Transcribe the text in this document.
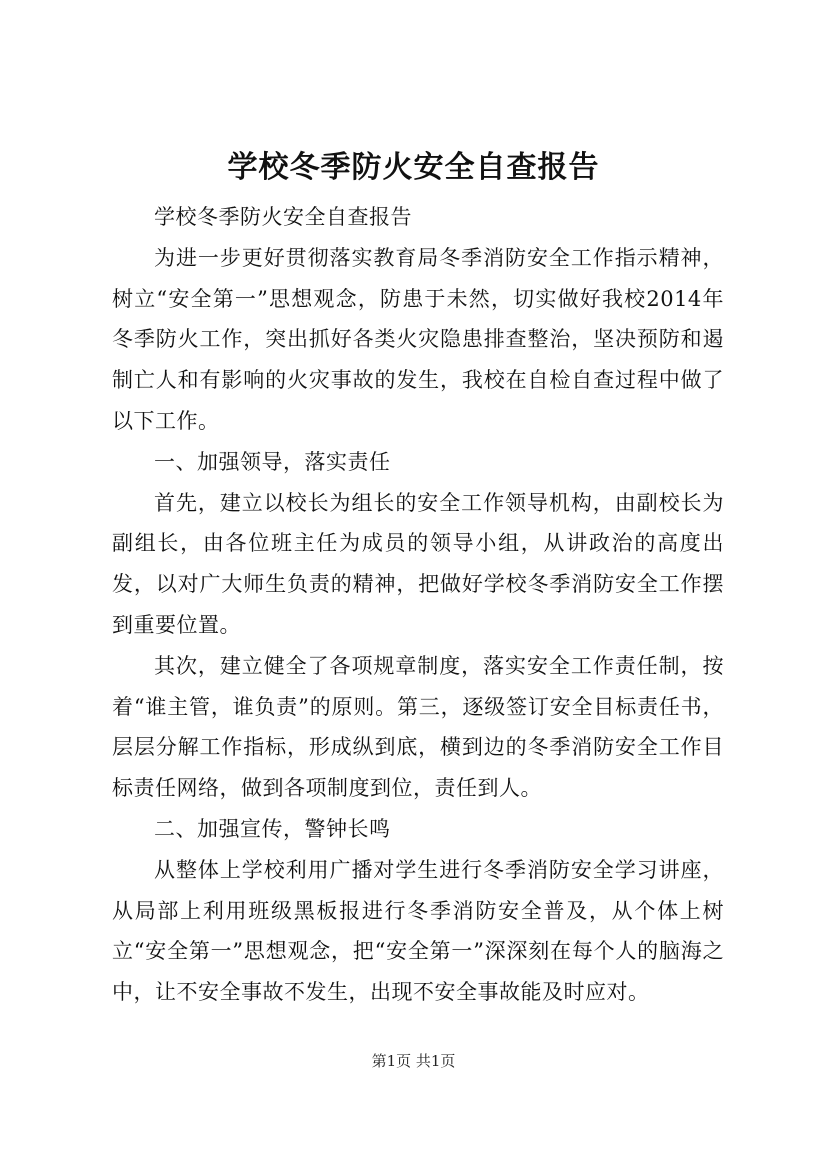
学校冬季防火安全自查报告

学校冬季防火安全自查报告

为进一步更好贯彻落实教育局冬季消防安全工作指示精神，树立“安全第一”思想观念，防患于未然，切实做好我校2014年冬季防火工作，突出抓好各类火灾隐患排查整治，坚决预防和遏制亡人和有影响的火灾事故的发生，我校在自检自查过程中做了以下工作。

一、加强领导，落实责任

首先，建立以校长为组长的安全工作领导机构，由副校长为副组长，由各位班主任为成员的领导小组，从讲政治的高度出发，以对广大师生负责的精神，把做好学校冬季消防安全工作摆到重要位置。

其次，建立健全了各项规章制度，落实安全工作责任制，按着“谁主管，谁负责”的原则。第三，逐级签订安全目标责任书，层层分解工作指标，形成纵到底，横到边的冬季消防安全工作目标责任网络，做到各项制度到位，责任到人。

二、加强宣传，警钟长鸣

从整体上学校利用广播对学生进行冬季消防安全学习讲座，从局部上利用班级黑板报进行冬季消防安全普及，从个体上树立“安全第一”思想观念，把“安全第一”深深刻在每个人的脑海之中，让不安全事故不发生，出现不安全事故能及时应对。

第1页 共1页
